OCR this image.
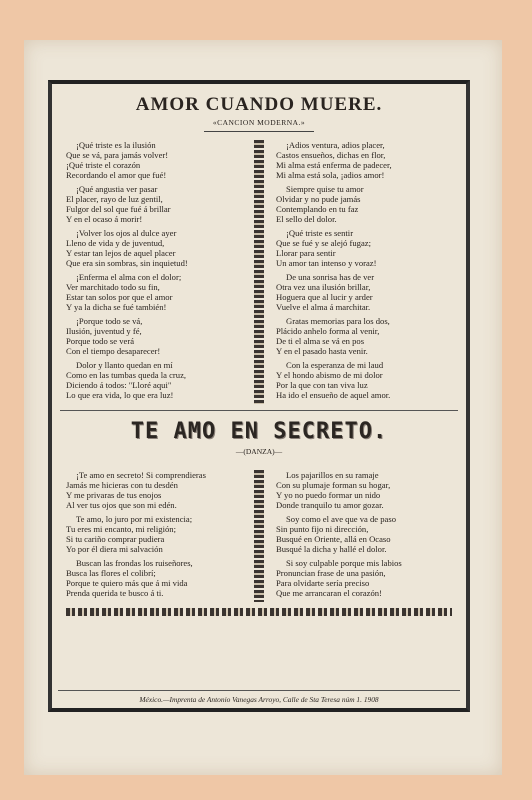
AMOR CUANDO MUERE.
«CANCION MODERNA.»
¡Qué triste es la ilusión
Que se vá, para jamás volver!
¡Qué triste el corazón
Recordando el amor que fué!
¡Adios ventura, adios placer,
Castos ensueños, dichas en flor,
Mi alma está enferma de padecer,
Mi alma está sola, ¡adios amor!
¡Qué angustia ver pasar
El placer, rayo de luz gentil,
Fulgor del sol que fué á brillar
Y en el ocaso á morir!
Siempre quise tu amor
Olvidar y no pude jamás
Contemplando en tu faz
El sello del dolor.
¡Volver los ojos al dulce ayer
Lleno de vida y de juventud,
Y estar tan lejos de aquel placer
Que era sin sombras, sin inquietud!
¡Qué triste es sentir
Que se fué y se alejó fugaz;
Llorar para sentir
Un amor tan intenso y voraz!
¡Enferma el alma con el dolor;
Ver marchitado todo su fin,
Estar tan solos por que el amor
Y ya la dicha se fué también!
De una sonrisa has de ver
Otra vez una ilusión brillar,
Hoguera que al lucir y arder
Vuelve el alma á marchitar.
¡Porque todo se vá,
Ilusión, juventud y fé,
Porque todo se verá
Con el tiempo desaparecer!
Gratas memorias para los dos,
Plácido anhelo forma al venir,
De ti el alma se vá en pos
Y en el pasado hasta venir.
Dolor y llanto quedan en mí
Como en las tumbas queda la cruz,
Diciendo á todos: "Lloré aqui"
Lo que era vida, lo que era luz!
Con la esperanza de mi laud
Y el hondo abismo de mi dolor
Por la que con tan viva luz
Ha ido el ensueño de aquel amor.
TE AMO EN SECRETO.
—(DANZA)—
¡Te amo en secreto! Si comprendieras
Jamás me hicieras con tu desdén
Y me privaras de tus enojos
Al ver tus ojos que son mi edén.
Los pajarillos en su ramaje
Con su plumaje forman su hogar,
Y yo no puedo formar un nido
Donde tranquilo tu amor gozar.
Te amo, lo juro por mi existencia;
Tu eres mi encanto, mi religión;
Si tu cariño comprar pudiera
Yo por él diera mi salvación
Soy como el ave que va de paso
Sin punto fijo ni dirección,
Busqué en Oriente, allá en Ocaso
Busqué la dicha y hallé el dolor.
Buscan las frondas los ruiseñores,
Busca las flores el colibrí;
Porque te quiero más que á mi vida
Prenda querida te busco á ti.
Si soy culpable porque mis labios
Pronuncian frase de una pasión,
Para olvidarte sería preciso
Que me arrancaran el corazón!
México.—Imprenta de Antonio Vanegas Arroyo, Calle de Sta Teresa núm 1. 1908
